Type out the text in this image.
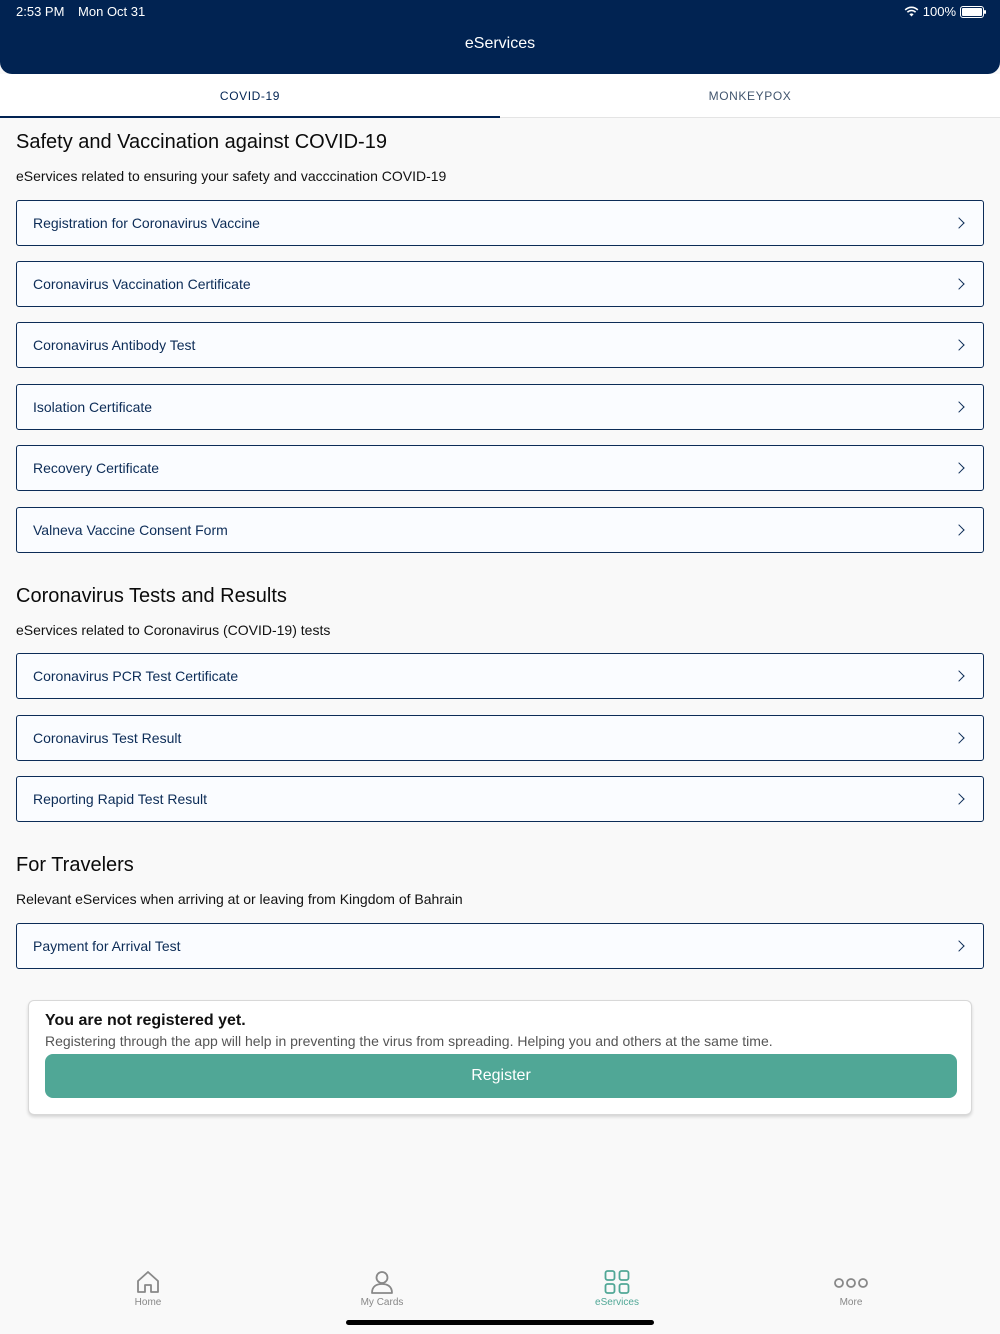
2:53 PM Mon Oct 31	100%
eServices
COVID-19	MONKEYPOX
Safety and Vaccination against COVID-19
eServices related to ensuring your safety and vacccination COVID-19
Registration for Coronavirus Vaccine
Coronavirus Vaccination Certificate
Coronavirus Antibody Test
Isolation Certificate
Recovery Certificate
Valneva Vaccine Consent Form
Coronavirus Tests and Results
eServices related to Coronavirus (COVID-19) tests
Coronavirus PCR Test Certificate
Coronavirus Test Result
Reporting Rapid Test Result
For Travelers
Relevant eServices when arriving at or leaving from Kingdom of Bahrain
Payment for Arrival Test
You are not registered yet.
Registering through the app will help in preventing the virus from spreading. Helping you and others at the same time.
Register
Home	My Cards	eServices	More
